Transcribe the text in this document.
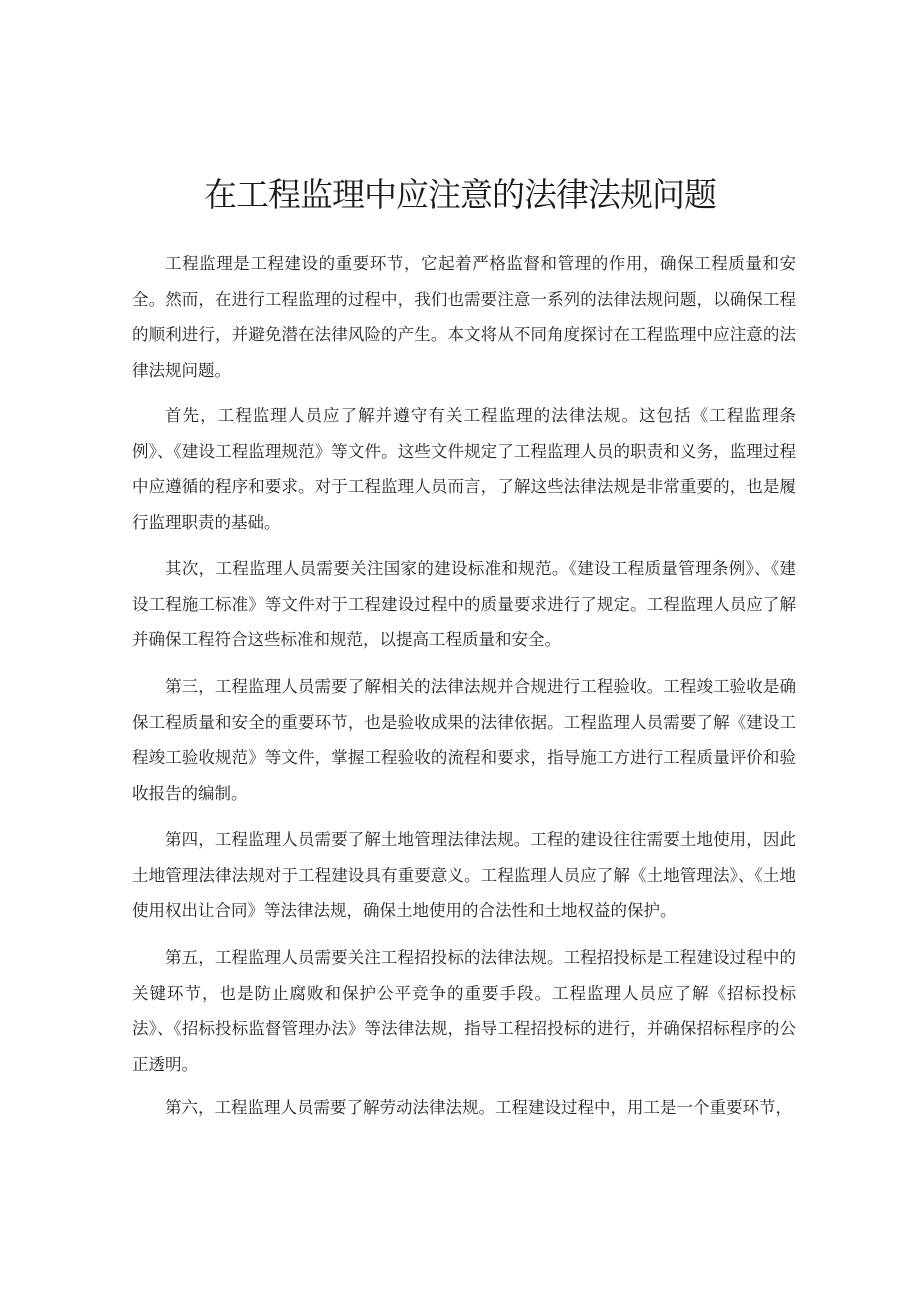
在工程监理中应注意的法律法规问题

工程监理是工程建设的重要环节，它起着严格监督和管理的作用，确保工程质量和安全。然而，在进行工程监理的过程中，我们也需要注意一系列的法律法规问题，以确保工程的顺利进行，并避免潜在法律风险的产生。本文将从不同角度探讨在工程监理中应注意的法律法规问题。

首先，工程监理人员应了解并遵守有关工程监理的法律法规。这包括《工程监理条例》、《建设工程监理规范》等文件。这些文件规定了工程监理人员的职责和义务，监理过程中应遵循的程序和要求。对于工程监理人员而言，了解这些法律法规是非常重要的，也是履行监理职责的基础。

其次，工程监理人员需要关注国家的建设标准和规范。《建设工程质量管理条例》、《建设工程施工标准》等文件对于工程建设过程中的质量要求进行了规定。工程监理人员应了解并确保工程符合这些标准和规范，以提高工程质量和安全。

第三，工程监理人员需要了解相关的法律法规并合规进行工程验收。工程竣工验收是确保工程质量和安全的重要环节，也是验收成果的法律依据。工程监理人员需要了解《建设工程竣工验收规范》等文件，掌握工程验收的流程和要求，指导施工方进行工程质量评价和验收报告的编制。

第四，工程监理人员需要了解土地管理法律法规。工程的建设往往需要土地使用，因此土地管理法律法规对于工程建设具有重要意义。工程监理人员应了解《土地管理法》、《土地使用权出让合同》等法律法规，确保土地使用的合法性和土地权益的保护。

第五，工程监理人员需要关注工程招投标的法律法规。工程招投标是工程建设过程中的关键环节，也是防止腐败和保护公平竞争的重要手段。工程监理人员应了解《招标投标法》、《招标投标监督管理办法》等法律法规，指导工程招投标的进行，并确保招标程序的公正透明。

第六，工程监理人员需要了解劳动法律法规。工程建设过程中，用工是一个重要环节，
